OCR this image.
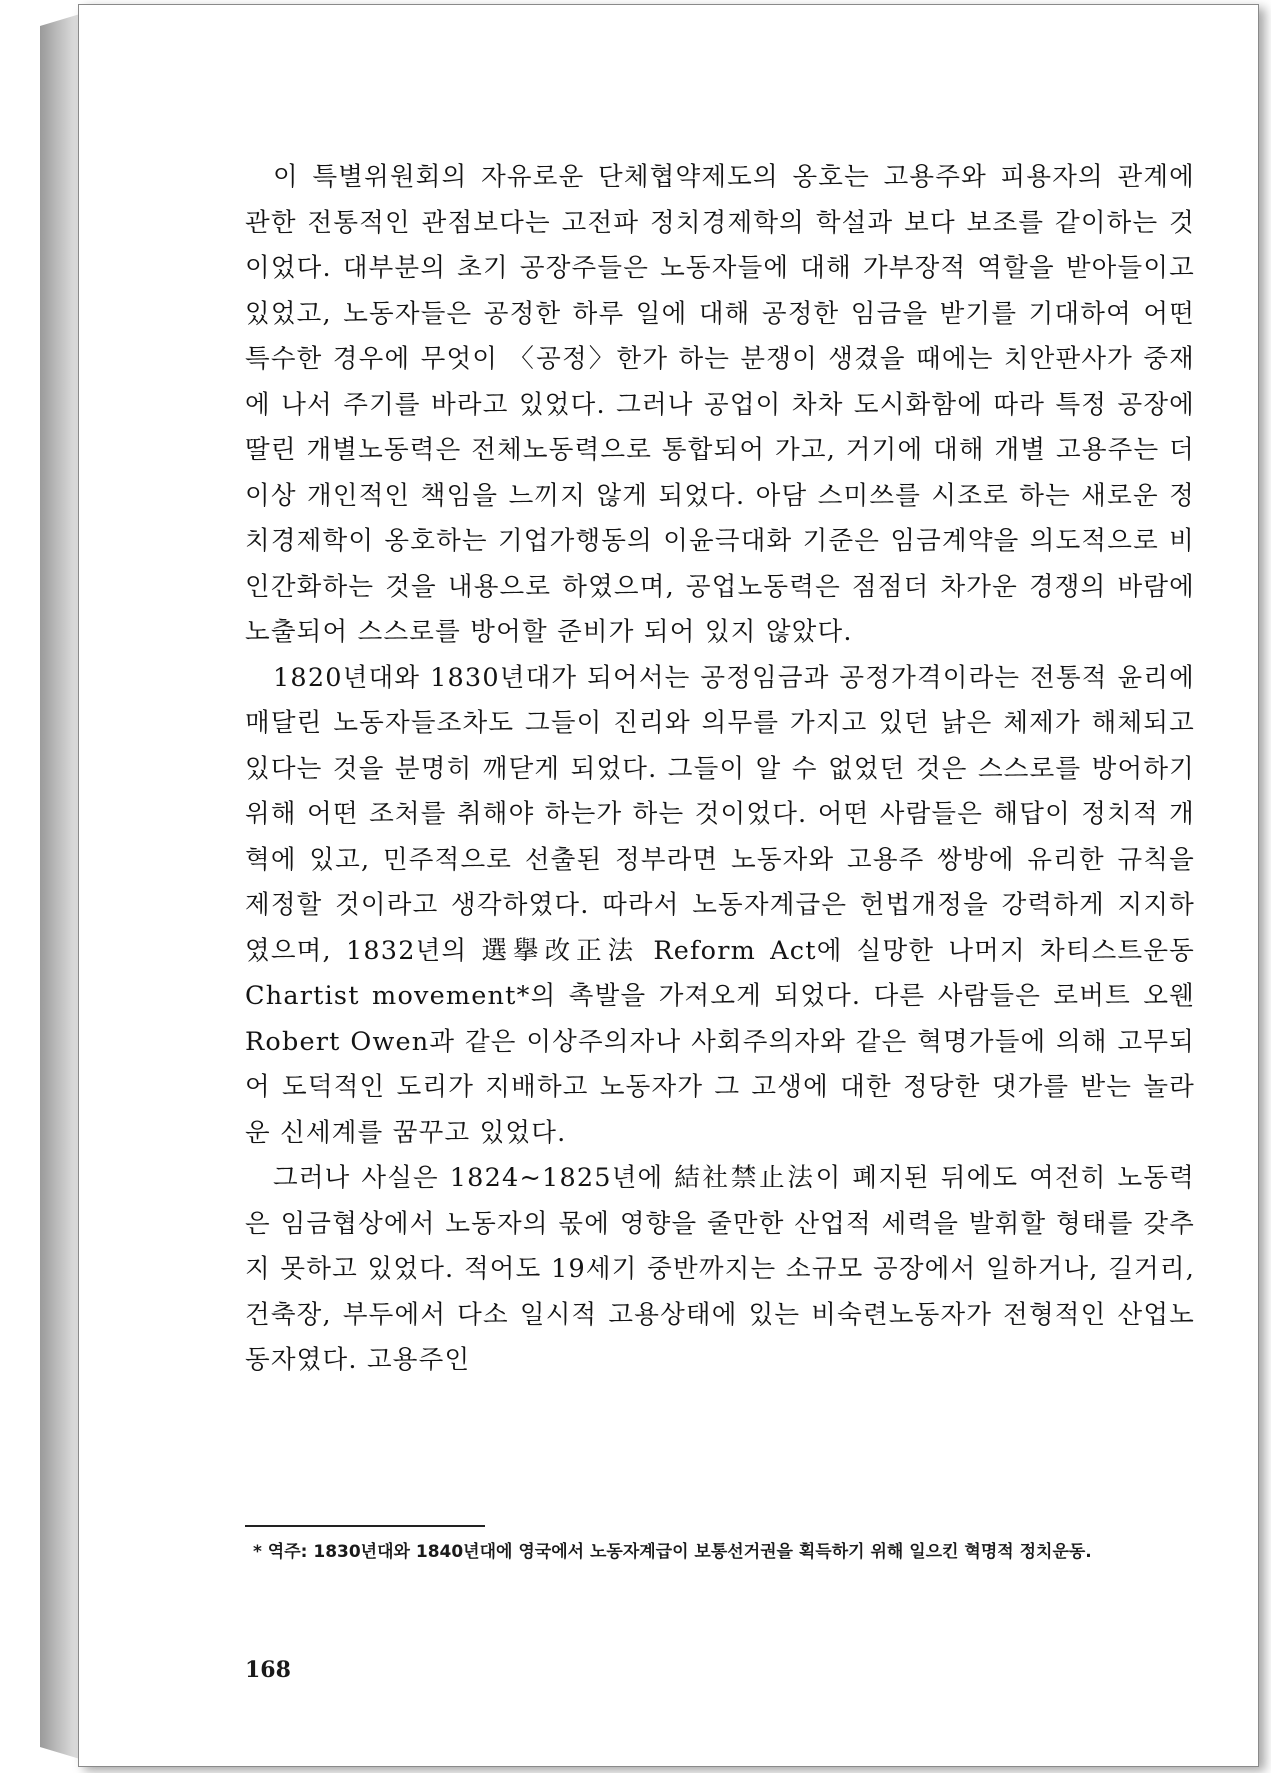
이 특별위원회의 자유로운 단체협약제도의 옹호는 고용주와 피용자의 관계에 관한 전통적인 관점보다는 고전파 정치경제학의 학설과 보다 보조를 같이하는 것이었다. 대부분의 초기 공장주들은 노동자들에 대해 가부장적 역할을 받아들이고 있었고, 노동자들은 공정한 하루 일에 대해 공정한 임금을 받기를 기대하여 어떤 특수한 경우에 무엇이 〈공정〉한가 하는 분쟁이 생겼을 때에는 치안판사가 중재에 나서 주기를 바라고 있었다. 그러나 공업이 차차 도시화함에 따라 특정 공장에 딸린 개별노동력은 전체노동력으로 통합되어 가고, 거기에 대해 개별 고용주는 더이상 개인적인 책임을 느끼지 않게 되었다. 아담 스미쓰를 시조로 하는 새로운 정치경제학이 옹호하는 기업가행동의 이윤극대화 기준은 임금계약을 의도적으로 비인간화하는 것을 내용으로 하였으며, 공업노동력은 점점더 차가운 경쟁의 바람에 노출되어 스스로를 방어할 준비가 되어 있지 않았다.

1820년대와 1830년대가 되어서는 공정임금과 공정가격이라는 전통적 윤리에 매달린 노동자들조차도 그들이 진리와 의무를 가지고 있던 낡은 체제가 해체되고 있다는 것을 분명히 깨닫게 되었다. 그들이 알 수 없었던 것은 스스로를 방어하기 위해 어떤 조처를 취해야 하는가 하는 것이었다. 어떤 사람들은 해답이 정치적 개혁에 있고, 민주적으로 선출된 정부라면 노동자와 고용주 쌍방에 유리한 규칙을 제정할 것이라고 생각하였다. 따라서 노동자계급은 헌법개정을 강력하게 지지하였으며, 1832년의 選擧改正法 Reform Act에 실망한 나머지 차티스트운동 Chartist movement*의 촉발을 가져오게 되었다. 다른 사람들은 로버트 오웬 Robert Owen과 같은 이상주의자나 사회주의자와 같은 혁명가들에 의해 고무되어 도덕적인 도리가 지배하고 노동자가 그 고생에 대한 정당한 댓가를 받는 놀라운 신세계를 꿈꾸고 있었다.

그러나 사실은 1824~1825년에 結社禁止法이 폐지된 뒤에도 여전히 노동력은 임금협상에서 노동자의 몫에 영향을 줄만한 산업적 세력을 발휘할 형태를 갖추지 못하고 있었다. 적어도 19세기 중반까지는 소규모 공장에서 일하거나, 길거리, 건축장, 부두에서 다소 일시적 고용상태에 있는 비숙련노동자가 전형적인 산업노동자였다. 고용주인

* 역주: 1830년대와 1840년대에 영국에서 노동자계급이 보통선거권을 획득하기 위해 일으킨 혁명적 정치운동.

168
